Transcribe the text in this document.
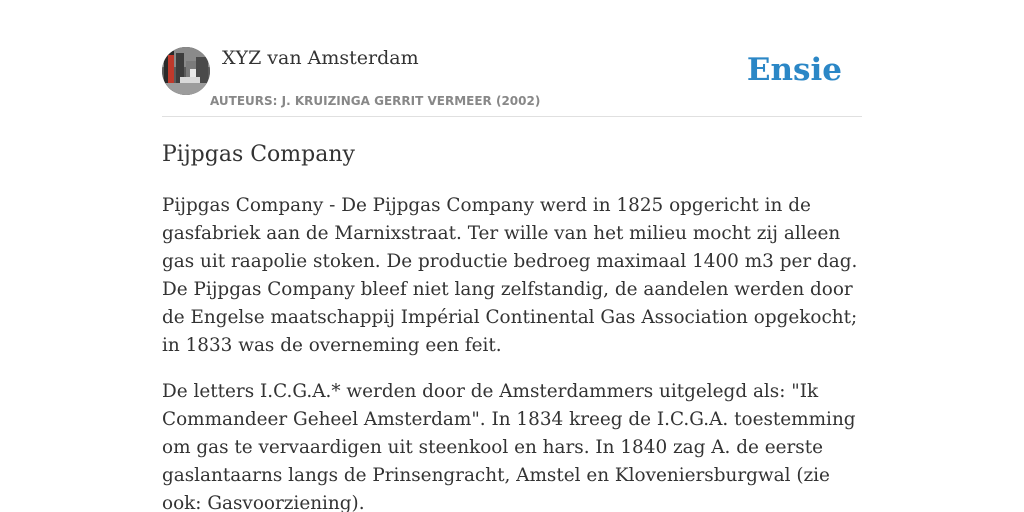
XYZ van Amsterdam
AUTEURS: J. KRUIZINGA GERRIT VERMEER (2002)
Ensie
Pijpgas Company

Pijpgas Company - De Pijpgas Company werd in 1825 opgericht in de gasfabriek aan de Marnixstraat. Ter wille van het milieu mocht zij alleen gas uit raapolie stoken. De productie bedroeg maximaal 1400 m3 per dag. De Pijpgas Company bleef niet lang zelfstandig, de aandelen werden door de Engelse maatschappij Impérial Continental Gas Association opgekocht; in 1833 was de overneming een feit.

De letters I.C.G.A.* werden door de Amsterdammers uitgelegd als: "Ik Commandeer Geheel Amsterdam". In 1834 kreeg de I.C.G.A. toestemming om gas te vervaardigen uit steenkool en hars. In 1840 zag A. de eerste gaslantaarns langs de Prinsengracht, Amstel en Kloveniersburgwal (zie ook: Gasvoorziening).
